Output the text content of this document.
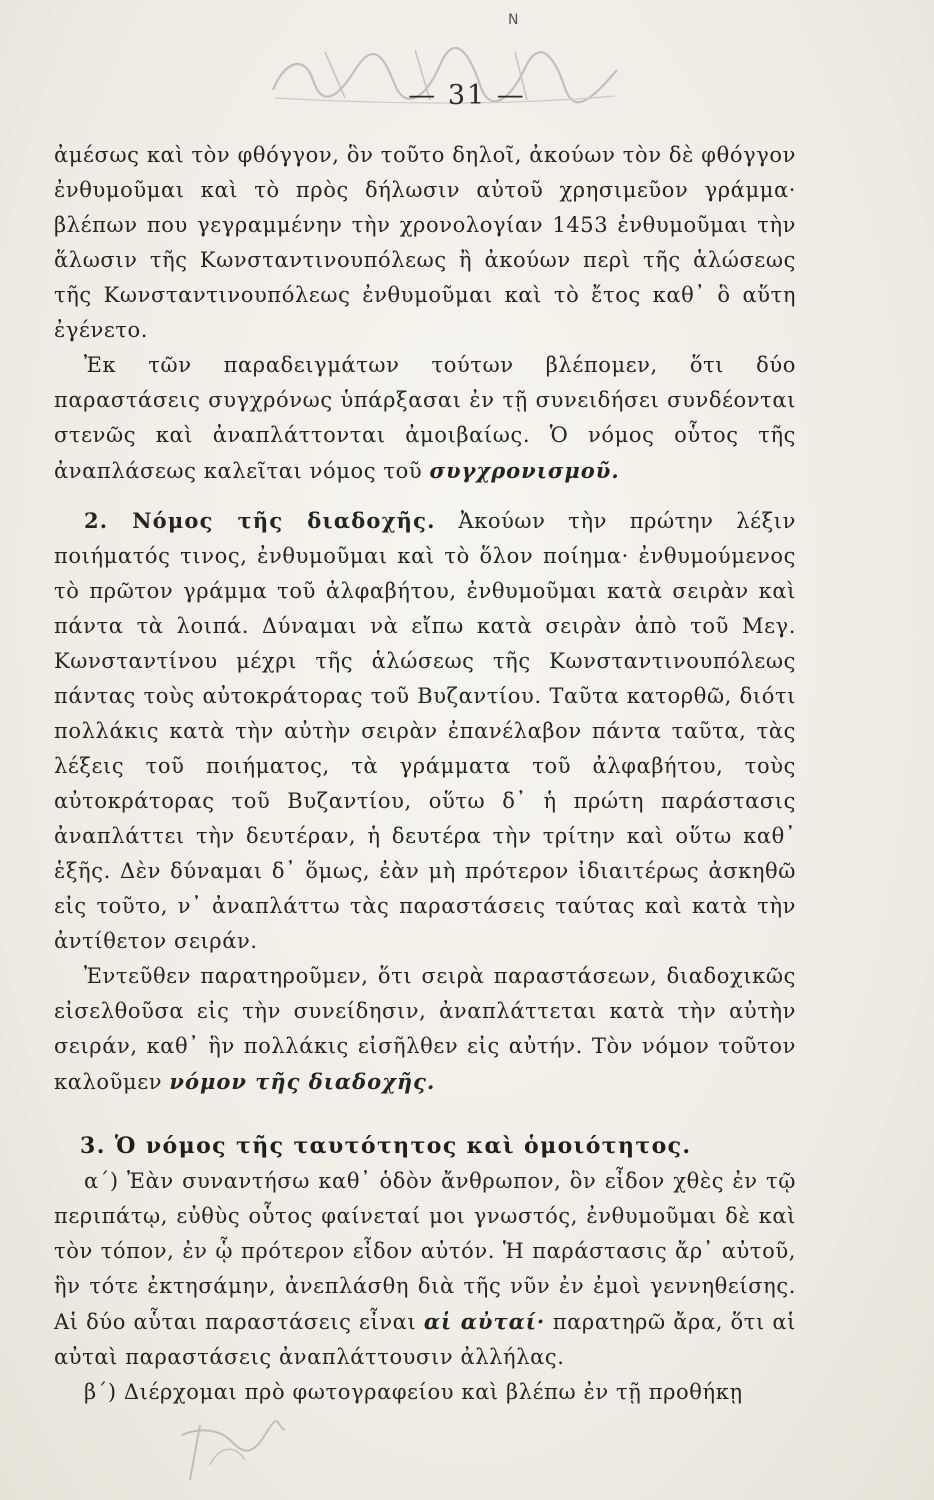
N
— 31 —

ἀμέσως καὶ τὸν φθόγγον, ὃν τοῦτο δηλοῖ, ἀκούων τὸν δὲ φθόγγον ἐνθυμοῦμαι καὶ τὸ πρὸς δήλωσιν αὐτοῦ χρησιμεῦον γράμμα· βλέπων που γεγραμμένην τὴν χρονολογίαν 1453 ἐνθυμοῦμαι τὴν ἅλωσιν τῆς Κωνσταντινουπόλεως ἢ ἀκούων περὶ τῆς ἁλώσεως τῆς Κωνσταντινουπόλεως ἐνθυμοῦμαι καὶ τὸ ἔτος καθ᾽ ὃ αὕτη ἐγένετο.

Ἐκ τῶν παραδειγμάτων τούτων βλέπομεν, ὅτι δύο παραστάσεις συγχρόνως ὑπάρξασαι ἐν τῇ συνειδήσει συνδέονται στενῶς καὶ ἀναπλάττονται ἀμοιβαίως. Ὁ νόμος οὗτος τῆς ἀναπλάσεως καλεῖται νόμος τοῦ συγχρονισμοῦ.

2. Νόμος τῆς διαδοχῆς. Ἀκούων τὴν πρώτην λέξιν ποιήματός τινος, ἐνθυμοῦμαι καὶ τὸ ὅλον ποίημα· ἐνθυμούμενος τὸ πρῶτον γράμμα τοῦ ἀλφαβήτου, ἐνθυμοῦμαι κατὰ σειρὰν καὶ πάντα τὰ λοιπά. Δύναμαι νὰ εἴπω κατὰ σειρὰν ἀπὸ τοῦ Μεγ. Κωνσταντίνου μέχρι τῆς ἁλώσεως τῆς Κωνσταντινουπόλεως πάντας τοὺς αὐτοκράτορας τοῦ Βυζαντίου. Ταῦτα κατορθῶ, διότι πολλάκις κατὰ τὴν αὐτὴν σειρὰν ἐπανέλαβον πάντα ταῦτα, τὰς λέξεις τοῦ ποιήματος, τὰ γράμματα τοῦ ἀλφαβήτου, τοὺς αὐτοκράτορας τοῦ Βυζαντίου, οὕτω δ᾽ ἡ πρώτη παράστασις ἀναπλάττει τὴν δευτέραν, ἡ δευτέρα τὴν τρίτην καὶ οὕτω καθ᾽ ἑξῆς. Δὲν δύναμαι δ᾽ ὅμως, ἐὰν μὴ πρότερον ἰδιαιτέρως ἀσκηθῶ εἰς τοῦτο, ν᾽ ἀναπλάττω τὰς παραστάσεις ταύτας καὶ κατὰ τὴν ἀντίθετον σειράν.

Ἐντεῦθεν παρατηροῦμεν, ὅτι σειρὰ παραστάσεων, διαδοχικῶς εἰσελθοῦσα εἰς τὴν συνείδησιν, ἀναπλάττεται κατὰ τὴν αὐτὴν σειράν, καθ᾽ ἣν πολλάκις εἰσῆλθεν εἰς αὐτήν. Τὸν νόμον τοῦτον καλοῦμεν νόμον τῆς διαδοχῆς.

3. Ὁ νόμος τῆς ταυτότητος καὶ ὁμοιότητος.

α´) Ἐὰν συναντήσω καθ᾽ ὁδὸν ἄνθρωπον, ὃν εἶδον χθὲς ἐν τῷ περιπάτῳ, εὐθὺς οὗτος φαίνεταί μοι γνωστός, ἐνθυμοῦμαι δὲ καὶ τὸν τόπον, ἐν ᾧ πρότερον εἶδον αὐτόν. Ἡ παράστασις ἄρ᾽ αὐτοῦ, ἣν τότε ἐκτησάμην, ἀνεπλάσθη διὰ τῆς νῦν ἐν ἐμοὶ γεννηθείσης. Αἱ δύο αὗται παραστάσεις εἶναι αἱ αὐταί· παρατηρῶ ἄρα, ὅτι αἱ αὐταὶ παραστάσεις ἀναπλάττουσιν ἀλλήλας.

β´) Διέρχομαι πρὸ φωτογραφείου καὶ βλέπω ἐν τῇ προθήκῃ
